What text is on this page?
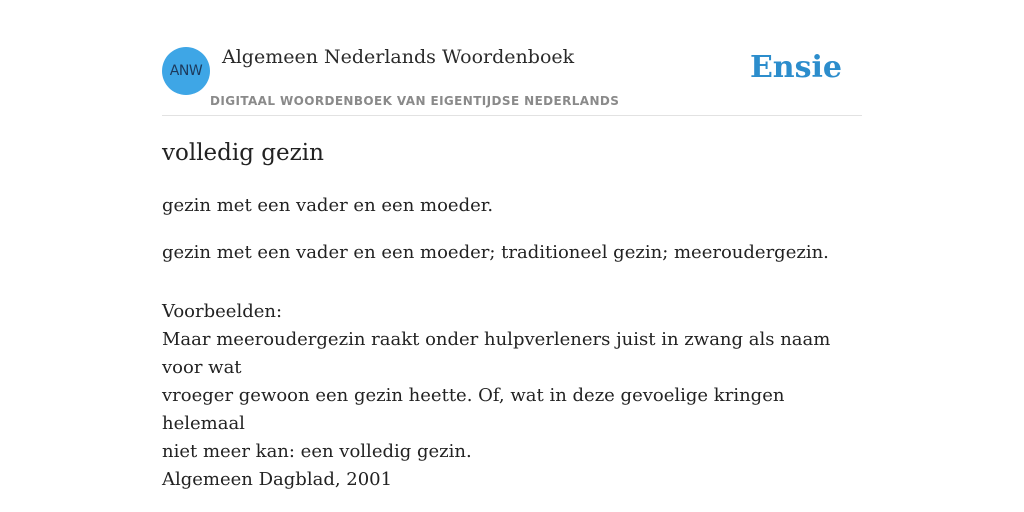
ANW
Algemeen Nederlands Woordenboek
DIGITAAL WOORDENBOEK VAN EIGENTIJDSE NEDERLANDS
Ensie
volledig gezin
gezin met een vader en een moeder.
gezin met een vader en een moeder; traditioneel gezin; meeroudergezin.
Voorbeelden:
Maar meeroudergezin raakt onder hulpverleners juist in zwang als naam voor wat
vroeger gewoon een gezin heette. Of, wat in deze gevoelige kringen helemaal
niet meer kan: een volledig gezin.
Algemeen Dagblad, 2001
